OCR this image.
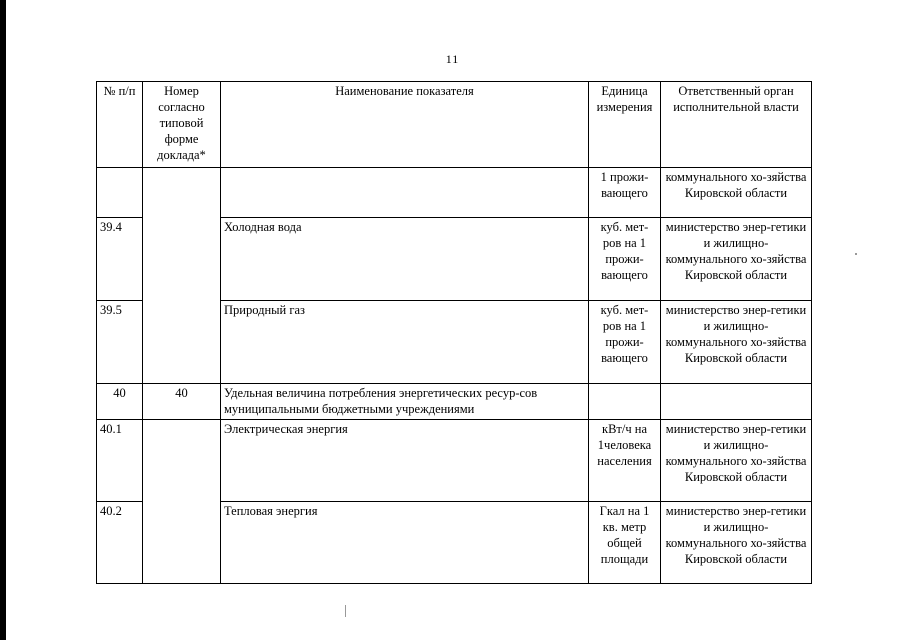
11
№ п/п	Номер согласно типовой форме доклада*	Наименование показателя	Единица измерения	Ответственный орган исполнительной власти
			1 прожи-вающего	коммунального хо-зяйства Кировской области
39.4		Холодная вода	куб. мет-ров на 1 прожи-вающего	министерство энер-гетики и жилищно-коммунального хо-зяйства Кировской области
39.5		Природный газ	куб. мет-ров на 1 прожи-вающего	министерство энер-гетики и жилищно-коммунального хо-зяйства Кировской области
40	40	Удельная величина потребления энергетических ресур-сов муниципальными бюджетными учреждениями		
40.1		Электрическая энергия	кВт/ч на 1человека населения	министерство энер-гетики и жилищно-коммунального хо-зяйства Кировской области
40.2		Тепловая энергия	Гкал на 1 кв. метр общей площади	министерство энер-гетики и жилищно-коммунального хо-зяйства Кировской области
